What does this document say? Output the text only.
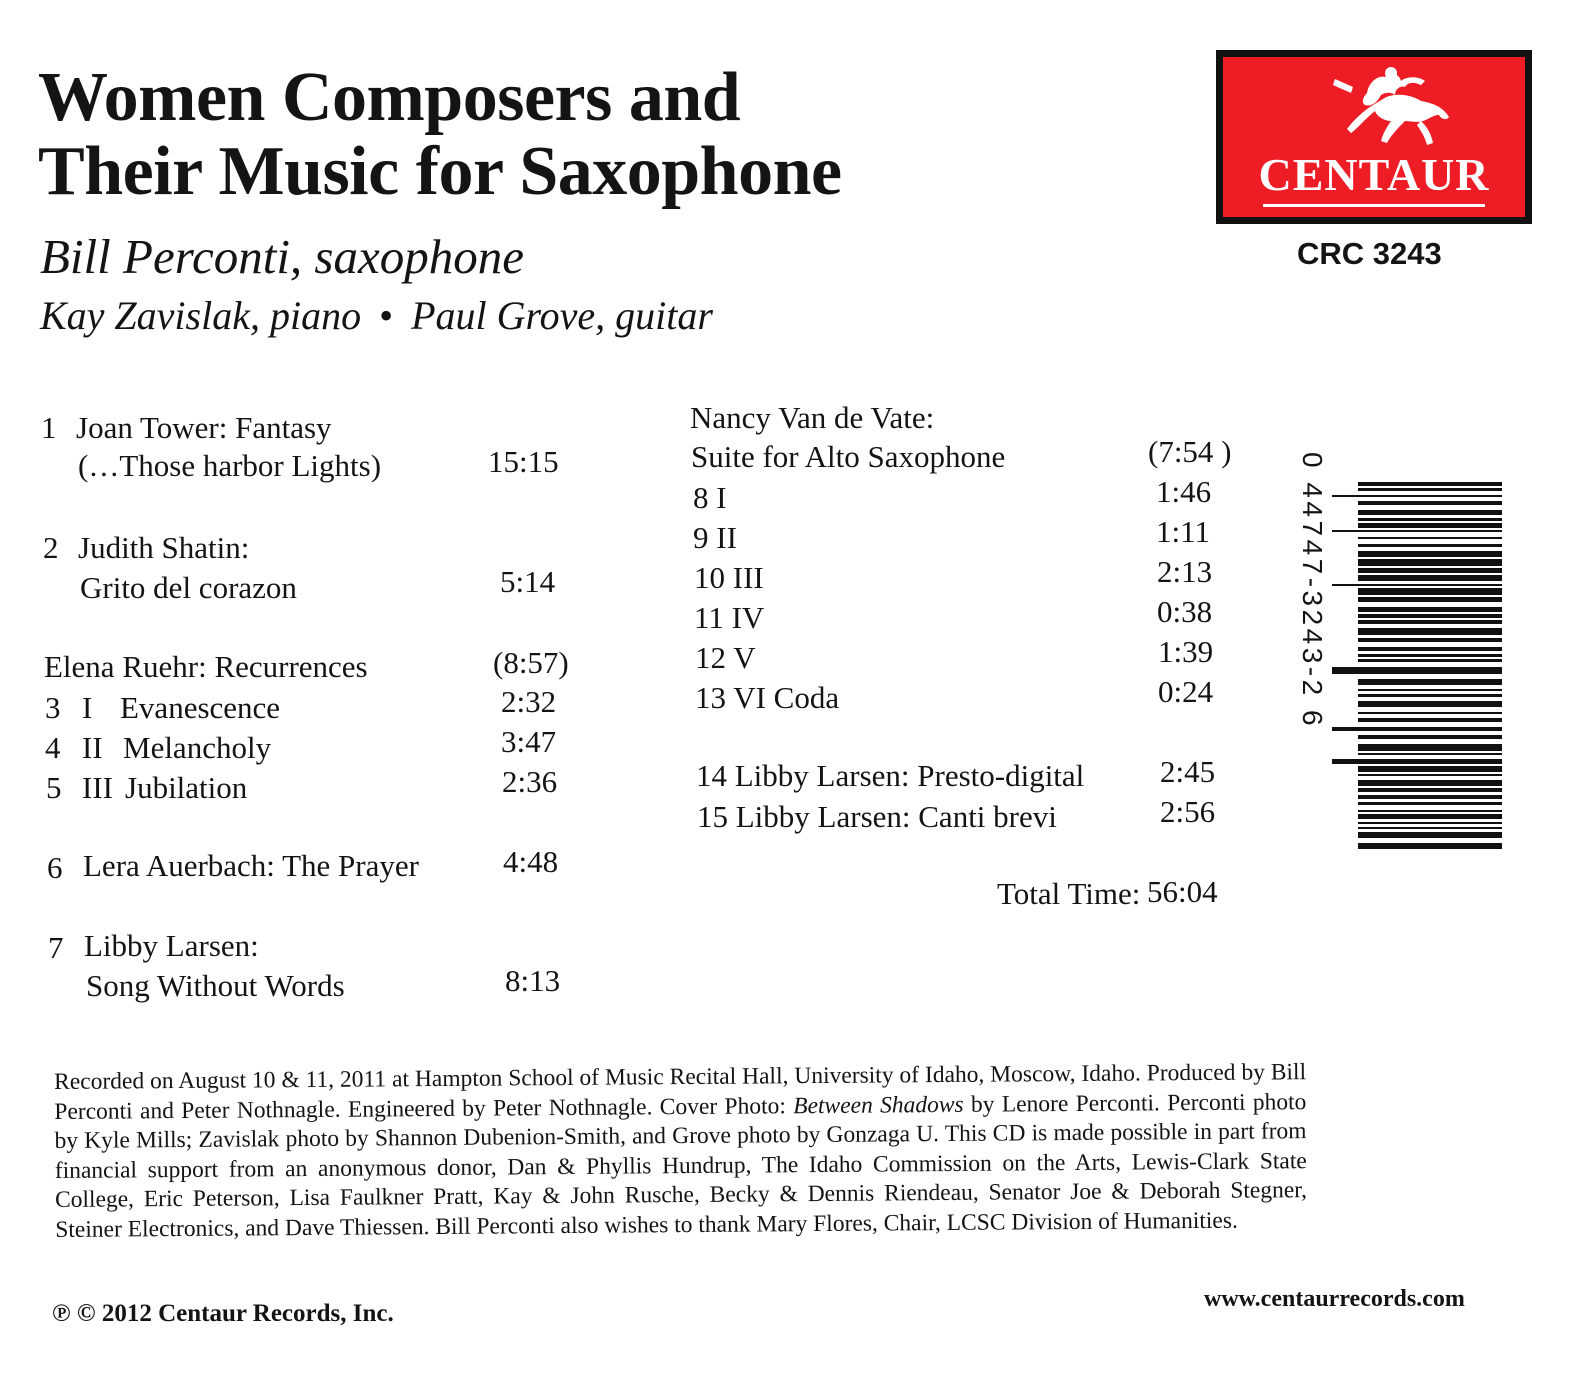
Women Composers and
Their Music for Saxophone
Bill Perconti, saxophone
Kay Zavislak, piano • Paul Grove, guitar
CENTAUR
CRC 3243
1 Joan Tower: Fantasy
(…Those harbor Lights)	15:15
2 Judith Shatin:
Grito del corazon	5:14
Elena Ruehr: Recurrences	(8:57)
3 I Evanescence	2:32
4 II Melancholy	3:47
5 III Jubilation	2:36
6 Lera Auerbach: The Prayer	4:48
7 Libby Larsen:
Song Without Words	8:13
Nancy Van de Vate:
Suite for Alto Saxophone	(7:54 )
8 I	1:46
9 II	1:11
10 III	2:13
11 IV	0:38
12 V	1:39
13 VI Coda	0:24
14 Libby Larsen: Presto-digital 2:45
15 Libby Larsen: Canti brevi	2:56
Total Time: 56:04
0 44747-3243-2 6
Recorded on August 10 & 11, 2011 at Hampton School of Music Recital Hall, University of Idaho, Moscow, Idaho. Produced by Bill Perconti and Peter Nothnagle. Engineered by Peter Nothnagle. Cover Photo: Between Shadows by Lenore Perconti. Perconti photo by Kyle Mills; Zavislak photo by Shannon Dubenion-Smith, and Grove photo by Gonzaga U. This CD is made possible in part from financial support from an anonymous donor, Dan & Phyllis Hundrup, The Idaho Commission on the Arts, Lewis-Clark State College, Eric Peterson, Lisa Faulkner Pratt, Kay & John Rusche, Becky & Dennis Riendeau, Senator Joe & Deborah Stegner, Steiner Electronics, and Dave Thiessen. Bill Perconti also wishes to thank Mary Flores, Chair, LCSC Division of Humanities.
℗ © 2012 Centaur Records, Inc.
www.centaurrecords.com
